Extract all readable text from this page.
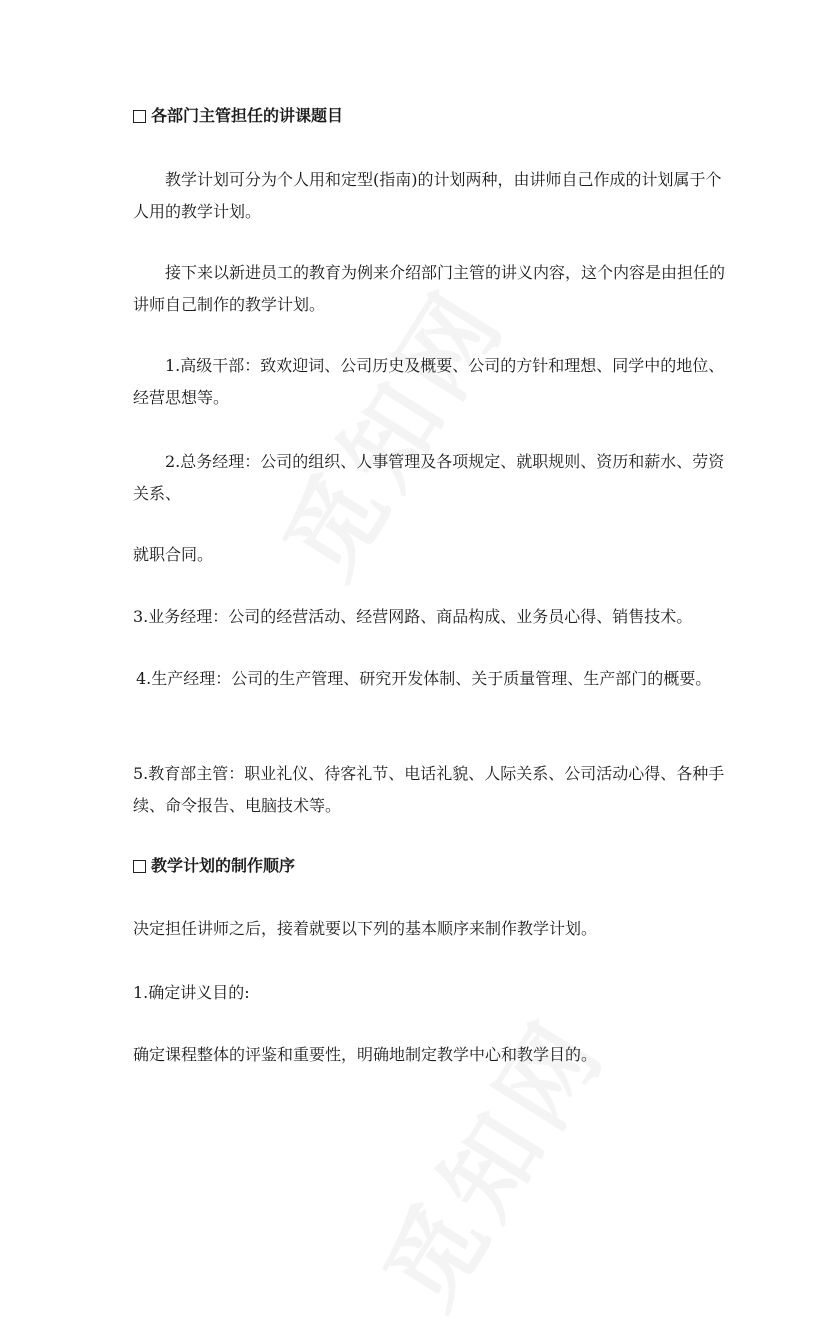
各部门主管担任的讲课题目

教学计划可分为个人用和定型(指南)的计划两种，由讲师自己作成的计划属于个人用的教学计划。

接下来以新进员工的教育为例来介绍部门主管的讲义内容，这个内容是由担任的讲师自己制作的教学计划。

1.高级干部：致欢迎词、公司历史及概要、公司的方针和理想、同学中的地位、经营思想等。

2.总务经理：公司的组织、人事管理及各项规定、就职规则、资历和薪水、劳资关系、

就职合同。

3.业务经理：公司的经营活动、经营网路、商品构成、业务员心得、销售技术。

4.生产经理：公司的生产管理、研究开发体制、关于质量管理、生产部门的概要。

5.教育部主管：职业礼仪、待客礼节、电话礼貌、人际关系、公司活动心得、各种手续、命令报告、电脑技术等。

教学计划的制作顺序

决定担任讲师之后，接着就要以下列的基本顺序来制作教学计划。

1.确定讲义目的:

确定课程整体的评鉴和重要性，明确地制定教学中心和教学目的。
